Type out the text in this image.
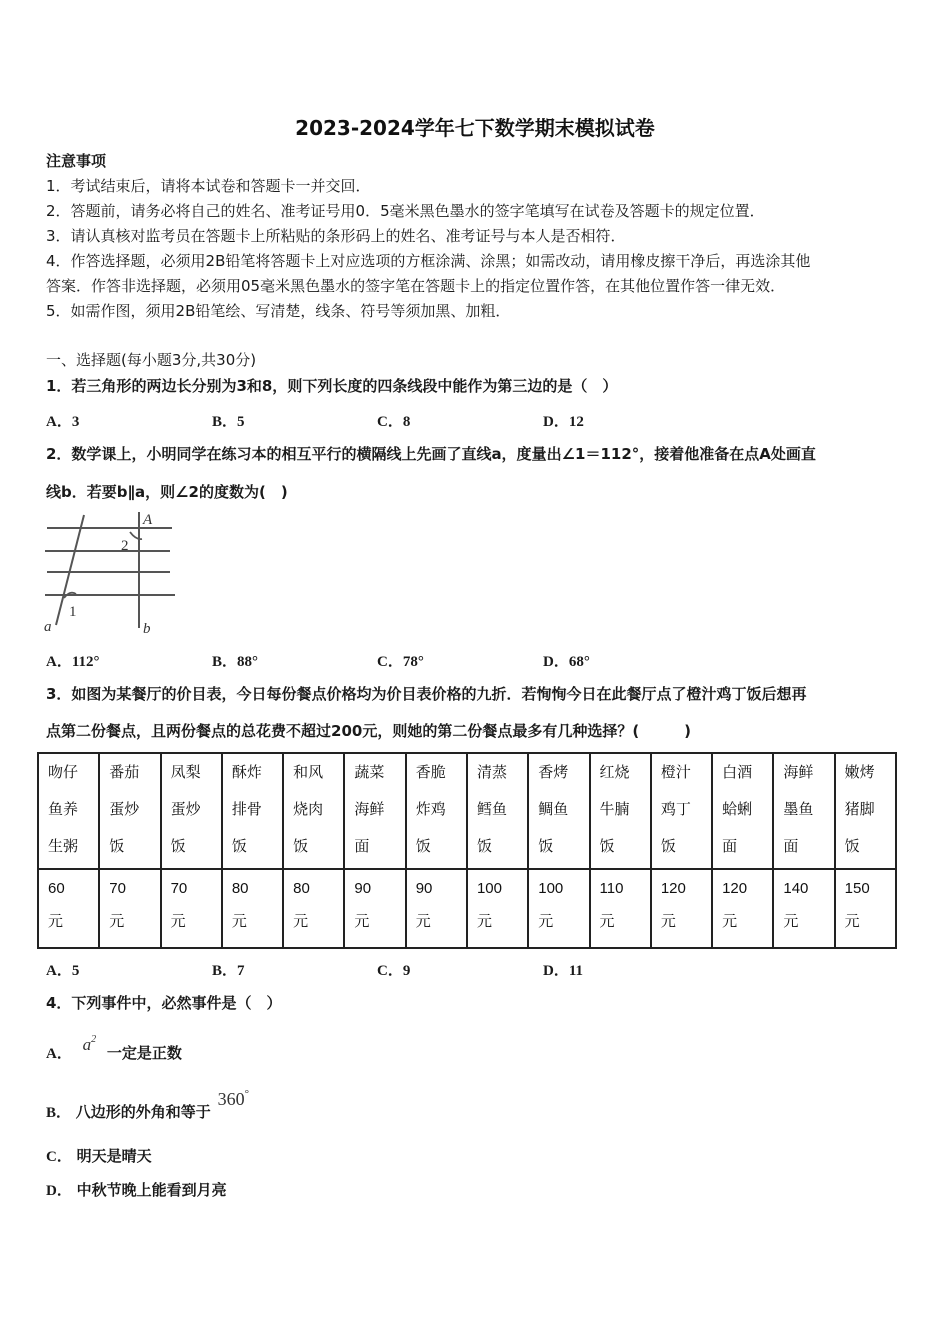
2023-2024学年七下数学期末模拟试卷
注意事项
1．考试结束后，请将本试卷和答题卡一并交回．
2．答题前，请务必将自己的姓名、准考证号用0．5毫米黑色墨水的签字笔填写在试卷及答题卡的规定位置．
3．请认真核对监考员在答题卡上所粘贴的条形码上的姓名、准考证号与本人是否相符．
4．作答选择题，必须用2B铅笔将答题卡上对应选项的方框涂满、涂黑；如需改动，请用橡皮擦干净后，再选涂其他
答案．作答非选择题，必须用05毫米黑色墨水的签字笔在答题卡上的指定位置作答，在其他位置作答一律无效．
5．如需作图，须用2B铅笔绘、写清楚，线条、符号等须加黑、加粗．
一、选择题(每小题3分,共30分)
1．若三角形的两边长分别为3和8，则下列长度的四条线段中能作为第三边的是（　）
A．3	B．5	C．8	D．12
2．数学课上，小明同学在练习本的相互平行的横隔线上先画了直线a，度量出∠1＝112°，接着他准备在点A处画直
线b．若要b∥a，则∠2的度数为(　)
A
2
1
a	b
A．112°	B．88°	C．78°	D．68°
3．如图为某餐厅的价目表，今日每份餐点价格均为价目表价格的九折．若恂恂今日在此餐厅点了橙汁鸡丁饭后想再
点第二份餐点，且两份餐点的总花费不超过200元，则她的第二份餐点最多有几种选择？(　　　)
吻仔
鱼养
生粥	番茄
蛋炒
饭	凤梨
蛋炒
饭	酥炸
排骨
饭	和风
烧肉
饭	蔬菜
海鲜
面	香脆
炸鸡
饭	清蒸
鳕鱼
饭	香烤
鲷鱼
饭	红烧
牛腩
饭	橙汁
鸡丁
饭	白酒
蛤蜊
面	海鲜
墨鱼
面	嫩烤
猪脚
饭

60
元	70
元	70
元	80
元	80
元	90
元	90
元	100
元	100
元	110
元	120
元	120
元	140
元	150
元
A．5	B．7	C．9	D．11
4．下列事件中，必然事件是（　）
A． $a^2$ 一定是正数
B． 八边形的外角和等于 360°
C． 明天是晴天
D． 中秋节晚上能看到月亮
